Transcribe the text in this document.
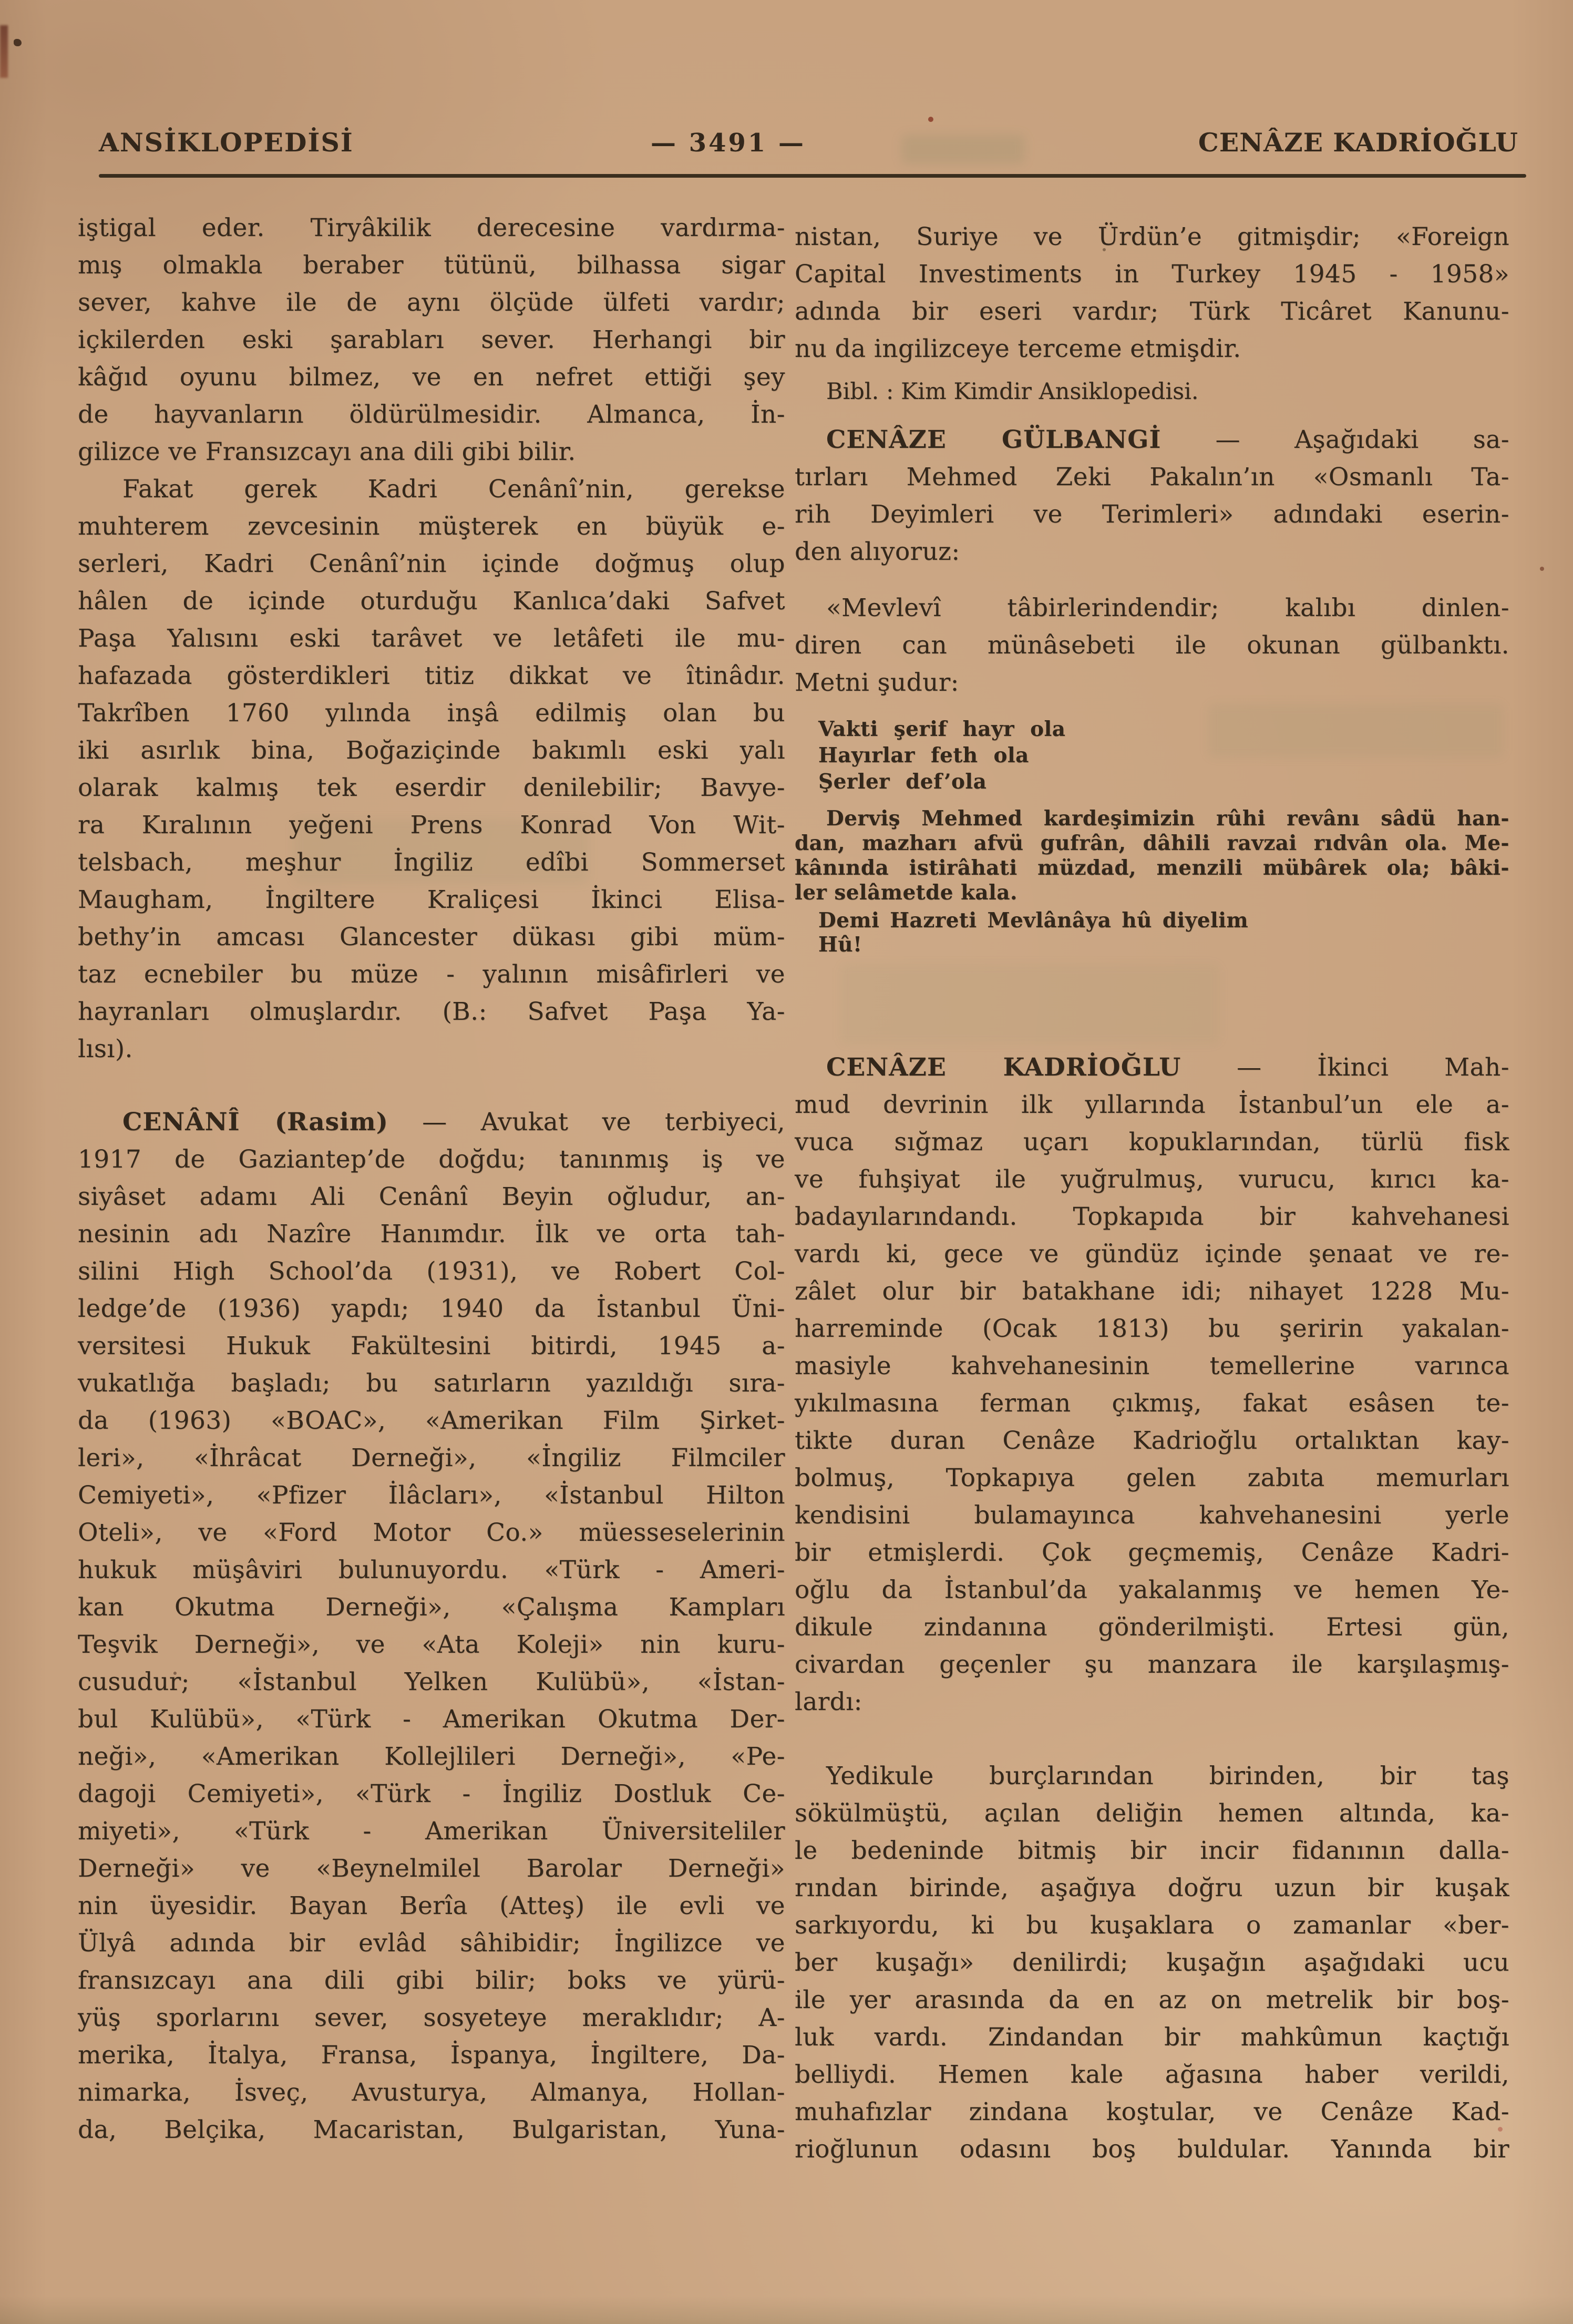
ANSİKLOPEDİSİ	— 3491 —	CENÂZE KADRİOĞLU
iştigal eder. Tiryâkilik derecesine vardırma-
mış olmakla beraber tütünü, bilhassa sigar
sever, kahve ile de aynı ölçüde ülfeti vardır;
içkilerden eski şarabları sever. Herhangi bir
kâğıd oyunu bilmez, ve en nefret ettiği şey
de hayvanların öldürülmesidir. Almanca, İn-
gilizce ve Fransızcayı ana dili gibi bilir.
Fakat gerek Kadri Cenânî’nin, gerekse
muhterem zevcesinin müşterek en büyük e-
serleri, Kadri Cenânî’nin içinde doğmuş olup
hâlen de içinde oturduğu Kanlıca’daki Safvet
Paşa Yalısını eski tarâvet ve letâfeti ile mu-
hafazada gösterdikleri titiz dikkat ve îtinâdır.
Takrîben 1760 yılında inşâ edilmiş olan bu
iki asırlık bina, Boğaziçinde bakımlı eski yalı
olarak kalmış tek eserdir denilebilir; Bavye-
ra Kıralının yeğeni Prens Konrad Von Wit-
telsbach, meşhur İngiliz edîbi Sommerset
Maugham, İngiltere Kraliçesi İkinci Elisa-
bethy’in amcası Glancester dükası gibi müm-
taz ecnebiler bu müze - yalının misâfirleri ve
hayranları olmuşlardır. (B.: Safvet Paşa Ya-
lısı).
CENÂNÎ (Rasim) — Avukat ve terbiyeci,
1917 de Gaziantep’de doğdu; tanınmış iş ve
siyâset adamı Ali Cenânî Beyin oğludur, an-
nesinin adı Nazîre Hanımdır. İlk ve orta tah-
silini High School’da (1931), ve Robert Col-
ledge’de (1936) yapdı; 1940 da İstanbul Üni-
versitesi Hukuk Fakültesini bitirdi, 1945 a-
vukatlığa başladı; bu satırların yazıldığı sıra-
da (1963) «BOAC», «Amerikan Film Şirket-
leri», «İhrâcat Derneği», «İngiliz Filmciler
Cemiyeti», «Pfizer İlâcları», «İstanbul Hilton
Oteli», ve «Ford Motor Co.» müesseselerinin
hukuk müşâviri bulunuyordu. «Türk - Ameri-
kan Okutma Derneği», «Çalışma Kampları
Teşvik Derneği», ve «Ata Koleji» nin kuru-
cusudur; «İstanbul Yelken Kulübü», «İstan-
bul Kulübü», «Türk - Amerikan Okutma Der-
neği», «Amerikan Kollejlileri Derneği», «Pe-
dagoji Cemiyeti», «Türk - İngiliz Dostluk Ce-
miyeti», «Türk - Amerikan Üniversiteliler
Derneği» ve «Beynelmilel Barolar Derneği»
nin üyesidir. Bayan Berîa (Atteş) ile evli ve
Ülyâ adında bir evlâd sâhibidir; İngilizce ve
fransızcayı ana dili gibi bilir; boks ve yürü-
yüş sporlarını sever, sosyeteye meraklıdır; A-
merika, İtalya, Fransa, İspanya, İngiltere, Da-
nimarka, İsveç, Avusturya, Almanya, Hollan-
da, Belçika, Macaristan, Bulgaristan, Yuna-
nistan, Suriye ve Ürdün’e gitmişdir; «Foreign
Capital Investiments in Turkey 1945 - 1958»
adında bir eseri vardır; Türk Ticâret Kanunu-
nu da ingilizceye terceme etmişdir.
Bibl. : Kim Kimdir Ansiklopedisi.
CENÂZE GÜLBANGİ — Aşağıdaki sa-
tırları Mehmed Zeki Pakalın’ın «Osmanlı Ta-
rih Deyimleri ve Terimleri» adındaki eserin-
den alıyoruz:
«Mevlevî tâbirlerindendir; kalıbı dinlen-
diren can münâsebeti ile okunan gülbanktı.
Metni şudur:
Vakti şerif hayr ola
Hayırlar feth ola
Şerler def’ola
Derviş Mehmed kardeşimizin rûhi revânı sâdü han-
dan, mazharı afvü gufrân, dâhili ravzai rıdvân ola. Me-
kânında istirâhati müzdad, menzili mübârek ola; bâki-
ler selâmetde kala.
Demi Hazreti Mevlânâya hû diyelim
Hû!
CENÂZE KADRİOĞLU — İkinci Mah-
mud devrinin ilk yıllarında İstanbul’un ele a-
vuca sığmaz uçarı kopuklarından, türlü fisk
ve fuhşiyat ile yuğrulmuş, vurucu, kırıcı ka-
badayılarındandı. Topkapıda bir kahvehanesi
vardı ki, gece ve gündüz içinde şenaat ve re-
zâlet olur bir batakhane idi; nihayet 1228 Mu-
harreminde (Ocak 1813) bu şeririn yakalan-
masiyle kahvehanesinin temellerine varınca
yıkılmasına ferman çıkmış, fakat esâsen te-
tikte duran Cenâze Kadrioğlu ortalıktan kay-
bolmuş, Topkapıya gelen zabıta memurları
kendisini bulamayınca kahvehanesini yerle
bir etmişlerdi. Çok geçmemiş, Cenâze Kadri-
oğlu da İstanbul’da yakalanmış ve hemen Ye-
dikule zindanına gönderilmişti. Ertesi gün,
civardan geçenler şu manzara ile karşılaşmış-
lardı:
Yedikule burçlarından birinden, bir taş
sökülmüştü, açılan deliğin hemen altında, ka-
le bedeninde bitmiş bir incir fidanının dalla-
rından birinde, aşağıya doğru uzun bir kuşak
sarkıyordu, ki bu kuşaklara o zamanlar «ber-
ber kuşağı» denilirdi; kuşağın aşağıdaki ucu
ile yer arasında da en az on metrelik bir boş-
luk vardı. Zindandan bir mahkûmun kaçtığı
belliydi. Hemen kale ağasına haber verildi,
muhafızlar zindana koştular, ve Cenâze Kad-
rioğlunun odasını boş buldular. Yanında bir
